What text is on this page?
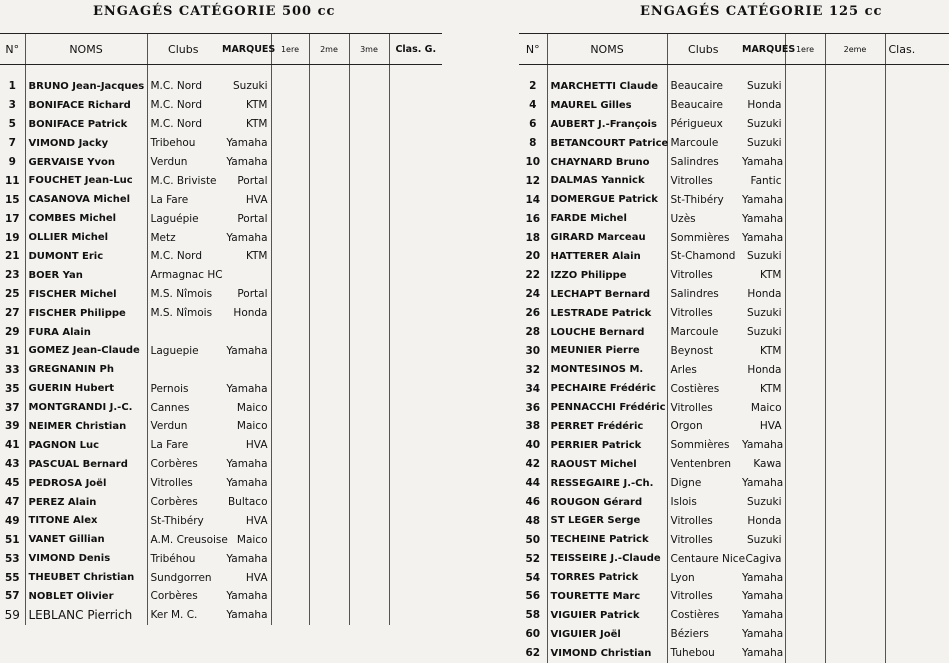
ENGAGÉS CATÉGORIE 500 cc	ENGAGÉS CATÉGORIE 125 cc
N°	NOMS	Clubs	MARQUES	1ere	2me	3me	Clas. G.

1	BRUNO Jean-Jacques	M.C. Nord	Suzuki				
3	BONIFACE Richard	M.C. Nord	KTM				
5	BONIFACE Patrick	M.C. Nord	KTM				
7	VIMOND Jacky	Tribehou	Yamaha				
9	GERVAISE Yvon	Verdun	Yamaha				
11	FOUCHET Jean-Luc	M.C. Briviste	Portal				
15	CASANOVA Michel	La Fare	HVA				
17	COMBES Michel	Laguépie	Portal				
19	OLLIER Michel	Metz	Yamaha				
21	DUMONT Eric	M.C. Nord	KTM				
23	BOER Yan	Armagnac HC					
25	FISCHER Michel	M.S. Nîmois	Portal				
27	FISCHER Philippe	M.S. Nîmois	Honda				
29	FURA Alain						
31	GOMEZ Jean-Claude	Laguepie	Yamaha				
33	GREGNANIN Ph						
35	GUERIN Hubert	Pernois	Yamaha				
37	MONTGRANDI J.-C.	Cannes	Maico				
39	NEIMER Christian	Verdun	Maico				
41	PAGNON Luc	La Fare	HVA				
43	PASCUAL Bernard	Corbères	Yamaha				
45	PEDROSA Joël	Vitrolles	Yamaha				
47	PEREZ Alain	Corbères	Bultaco				
49	TITONE Alex	St-Thibéry	HVA				
51	VANET Gillian	A.M. Creusoise	Maico				
53	VIMOND Denis	Tribéhou	Yamaha				
55	THEUBET Christian	Sundgorren	HVA				
57	NOBLET Olivier	Corbères	Yamaha				
59	LEBLANC Pierrich	Ker M. C.	Yamaha				
N°	NOMS	Clubs	MARQUES	1ere	2eme	Clas.

2	MARCHETTI Claude	Beaucaire	Suzuki			
4	MAUREL Gilles	Beaucaire	Honda			
6	AUBERT J.-François	Périgueux	Suzuki			
8	BETANCOURT Patrice	Marcoule	Suzuki			
10	CHAYNARD Bruno	Salindres	Yamaha			
12	DALMAS Yannick	Vitrolles	Fantic			
14	DOMERGUE Patrick	St-Thibéry	Yamaha			
16	FARDE Michel	Uzès	Yamaha			
18	GIRARD Marceau	Sommières	Yamaha			
20	HATTERER Alain	St-Chamond	Suzuki			
22	IZZO Philippe	Vitrolles	KTM			
24	LECHAPT Bernard	Salindres	Honda			
26	LESTRADE Patrick	Vitrolles	Suzuki			
28	LOUCHE Bernard	Marcoule	Suzuki			
30	MEUNIER Pierre	Beynost	KTM			
32	MONTESINOS M.	Arles	Honda			
34	PECHAIRE Frédéric	Costières	KTM			
36	PENNACCHI Frédéric	Vitrolles	Maico			
38	PERRET Frédéric	Orgon	HVA			
40	PERRIER Patrick	Sommières	Yamaha			
42	RAOUST Michel	Ventenbren	Kawa			
44	RESSEGAIRE J.-Ch.	Digne	Yamaha			
46	ROUGON Gérard	Islois	Suzuki			
48	ST LEGER Serge	Vitrolles	Honda			
50	TECHEINE Patrick	Vitrolles	Suzuki			
52	TEISSEIRE J.-Claude	Centaure Nice	Cagiva			
54	TORRES Patrick	Lyon	Yamaha			
56	TOURETTE Marc	Vitrolles	Yamaha			
58	VIGUIER Patrick	Costières	Yamaha			
60	VIGUIER Joël	Béziers	Yamaha			
62	VIMOND Christian	Tuhebou	Yamaha			
